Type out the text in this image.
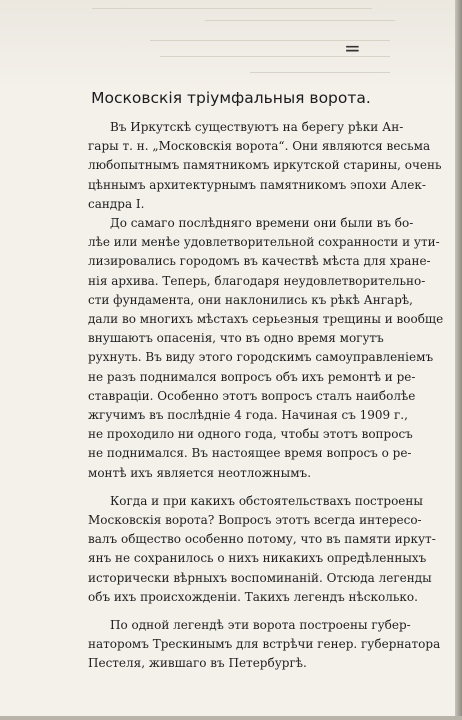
=
Московскія тріумфальныя ворота.
Въ Иркутскѣ существуютъ на берегу рѣки Ан-
гары т. н. „Московскія ворота“. Они являются весьма
любопытнымъ памятникомъ иркутской старины, очень
цѣннымъ архитектурнымъ памятникомъ эпохи Алек-
сандра I.
До самаго послѣдняго времени они были въ бо-
лѣе или менѣе удовлетворительной сохранности и ути-
лизировались городомъ въ качествѣ мѣста для хране-
нія архива. Теперь, благодаря неудовлетворительно-
сти фундамента, они наклонились къ рѣкѣ Ангарѣ,
дали во многихъ мѣстахъ серьезныя трещины и вообще
внушаютъ опасенія, что въ одно время могутъ
рухнуть. Въ виду этого городскимъ самоуправленіемъ
не разъ поднимался вопросъ объ ихъ ремонтѣ и ре-
ставраціи. Особенно этотъ вопросъ сталъ наиболѣе
жгучимъ въ послѣдніе 4 года. Начиная съ 1909 г.,
не проходило ни одного года, чтобы этотъ вопросъ
не поднимался. Въ настоящее время вопросъ о ре-
монтѣ ихъ является неотложнымъ.
Когда и при какихъ обстоятельствахъ построены
Московскія ворота? Вопросъ этотъ всегда интересо-
валъ общество особенно потому, что въ памяти иркут-
янъ не сохранилось о нихъ никакихъ опредѣленныхъ
исторически вѣрныхъ воспоминаній. Отсюда легенды
объ ихъ происхожденіи. Такихъ легендъ нѣсколько.
По одной легендѣ эти ворота построены губер-
наторомъ Трескинымъ для встрѣчи генер. губернатора
Пестеля, жившаго въ Петербургѣ.
